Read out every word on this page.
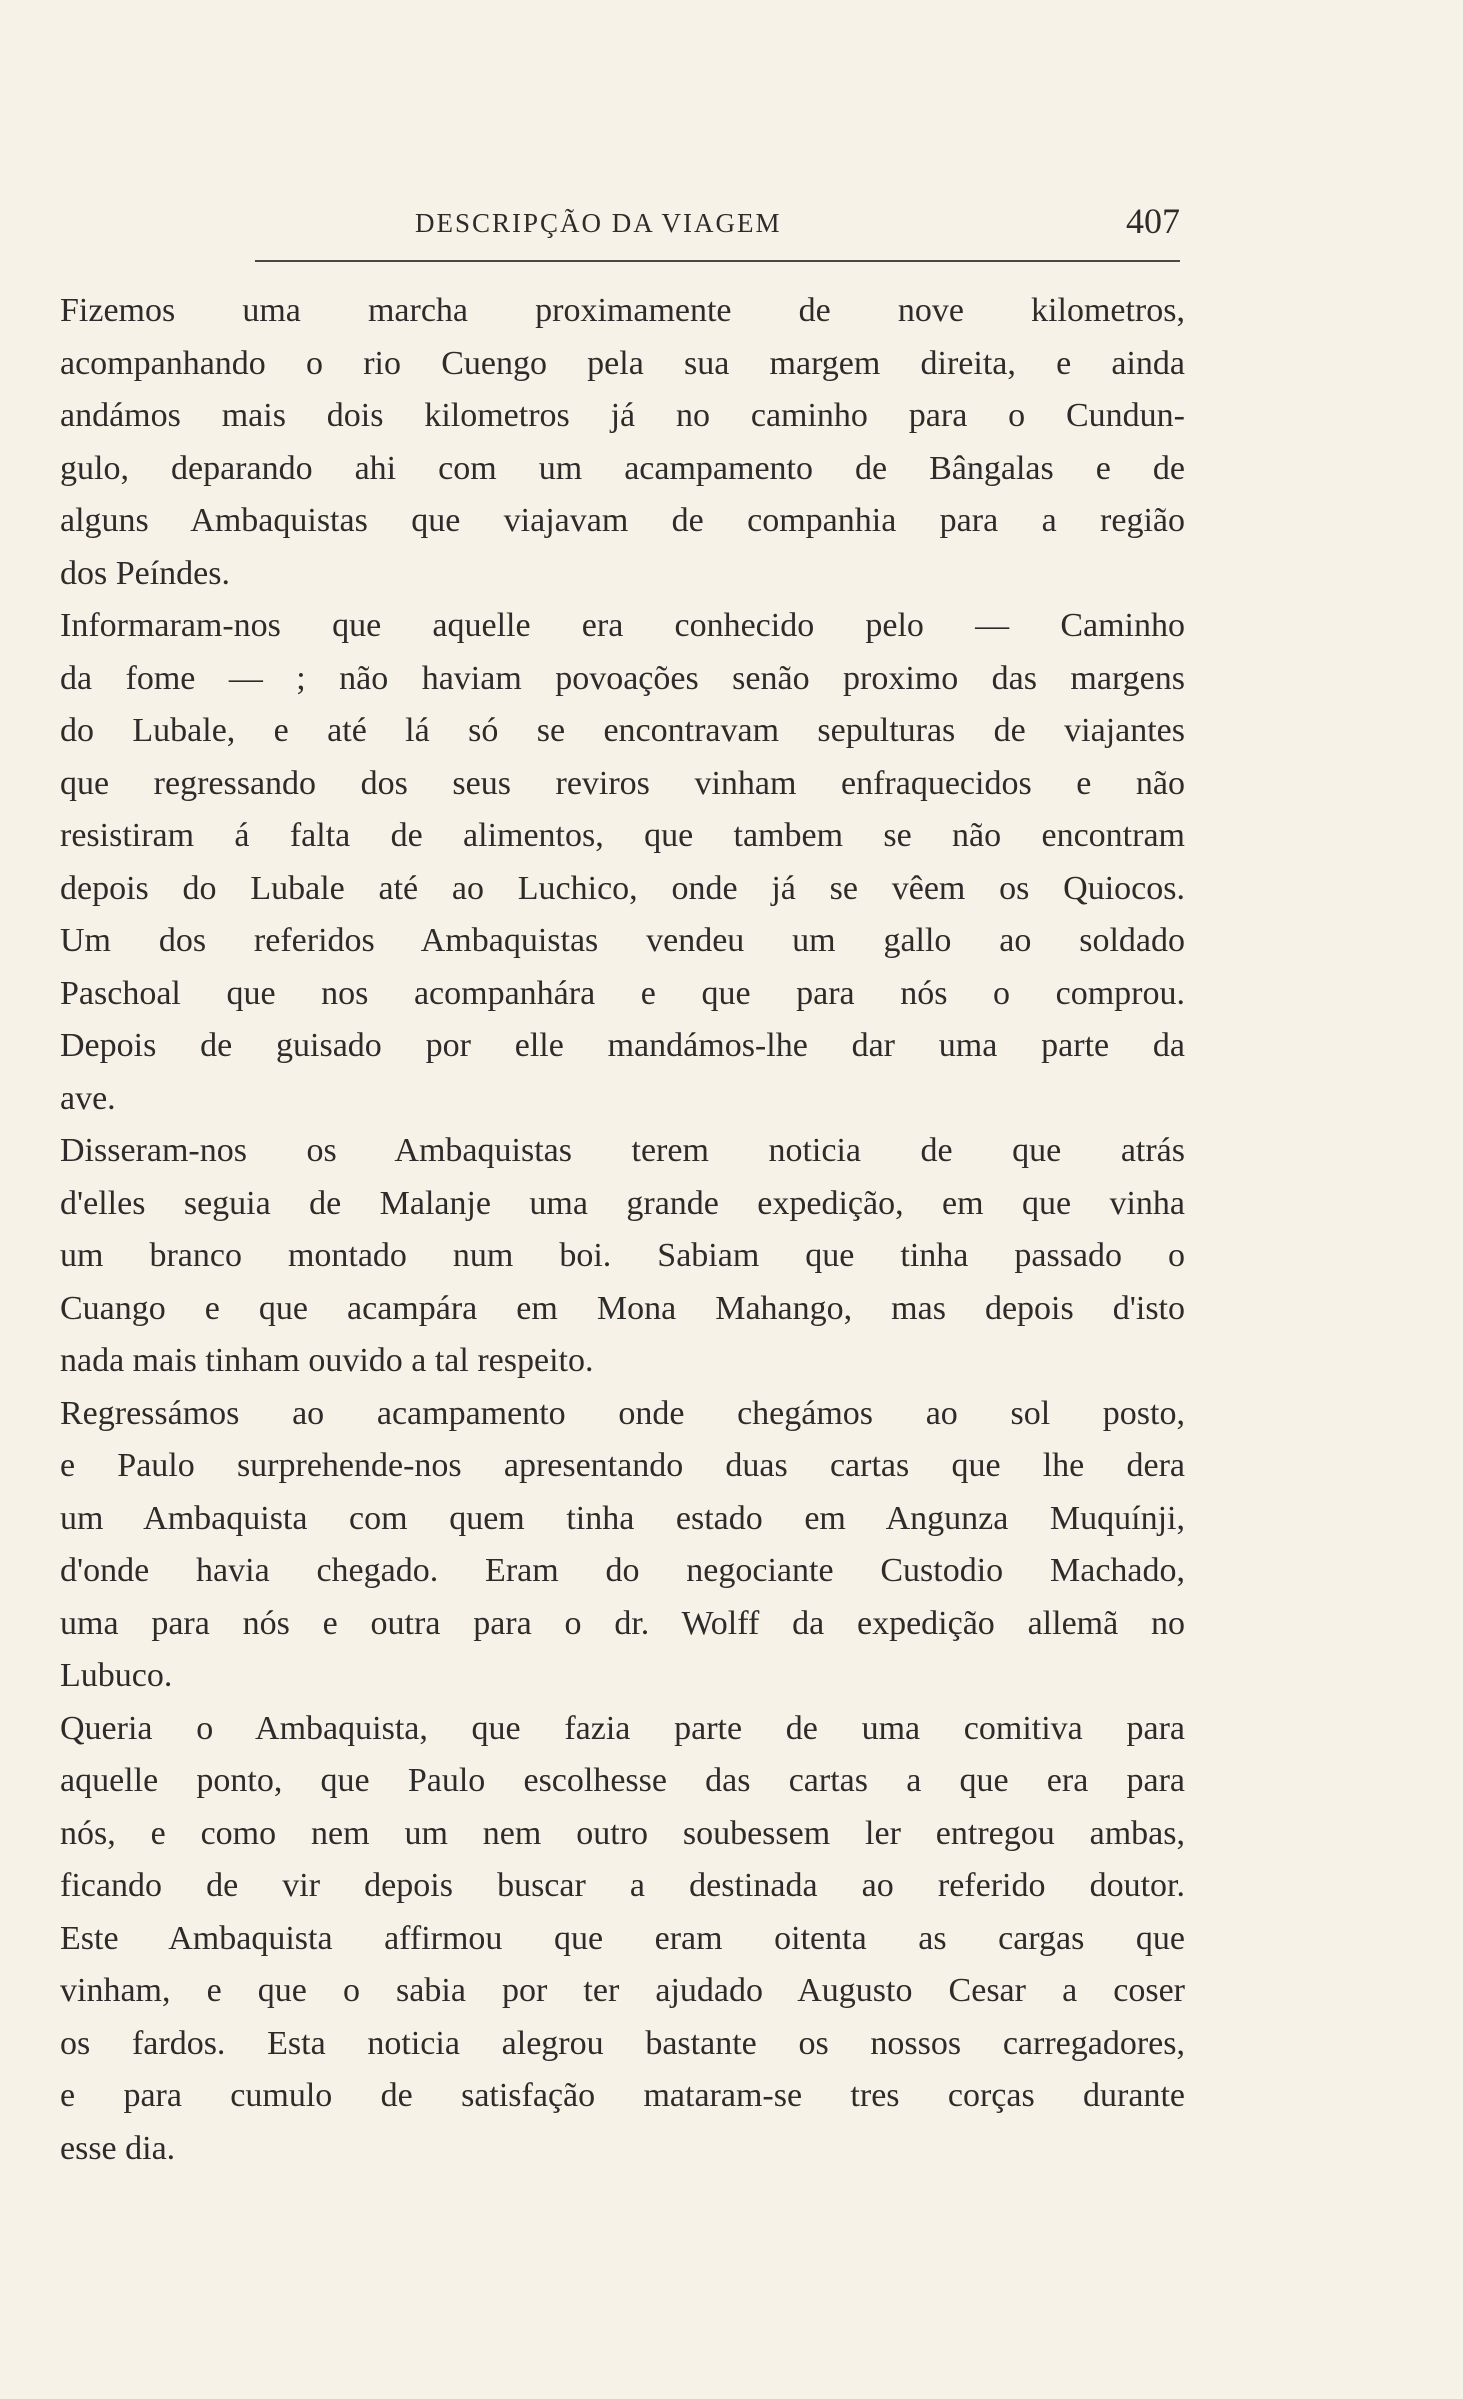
DESCRIPÇÃO DA VIAGEM	407
Fizemos uma marcha proximamente de nove kilometros,
acompanhando o rio Cuengo pela sua margem direita, e ainda
andámos mais dois kilometros já no caminho para o Cundun-
gulo, deparando ahi com um acampamento de Bângalas e de
alguns Ambaquistas que viajavam de companhia para a região
dos Peíndes.
Informaram-nos que aquelle era conhecido pelo — Caminho
da fome — ; não haviam povoações senão proximo das margens
do Lubale, e até lá só se encontravam sepulturas de viajantes
que regressando dos seus reviros vinham enfraquecidos e não
resistiram á falta de alimentos, que tambem se não encontram
depois do Lubale até ao Luchico, onde já se vêem os Quiocos.
Um dos referidos Ambaquistas vendeu um gallo ao soldado
Paschoal que nos acompanhára e que para nós o comprou.
Depois de guisado por elle mandámos-lhe dar uma parte da
ave.
Disseram-nos os Ambaquistas terem noticia de que atrás
d'elles seguia de Malanje uma grande expedição, em que vinha
um branco montado num boi. Sabiam que tinha passado o
Cuango e que acampára em Mona Mahango, mas depois d'isto
nada mais tinham ouvido a tal respeito.
Regressámos ao acampamento onde chegámos ao sol posto,
e Paulo surprehende-nos apresentando duas cartas que lhe dera
um Ambaquista com quem tinha estado em Angunza Muquínji,
d'onde havia chegado. Eram do negociante Custodio Machado,
uma para nós e outra para o dr. Wolff da expedição allemã no
Lubuco.
Queria o Ambaquista, que fazia parte de uma comitiva para
aquelle ponto, que Paulo escolhesse das cartas a que era para
nós, e como nem um nem outro soubessem ler entregou ambas,
ficando de vir depois buscar a destinada ao referido doutor.
Este Ambaquista affirmou que eram oitenta as cargas que
vinham, e que o sabia por ter ajudado Augusto Cesar a coser
os fardos. Esta noticia alegrou bastante os nossos carregadores,
e para cumulo de satisfação mataram-se tres corças durante
esse dia.
